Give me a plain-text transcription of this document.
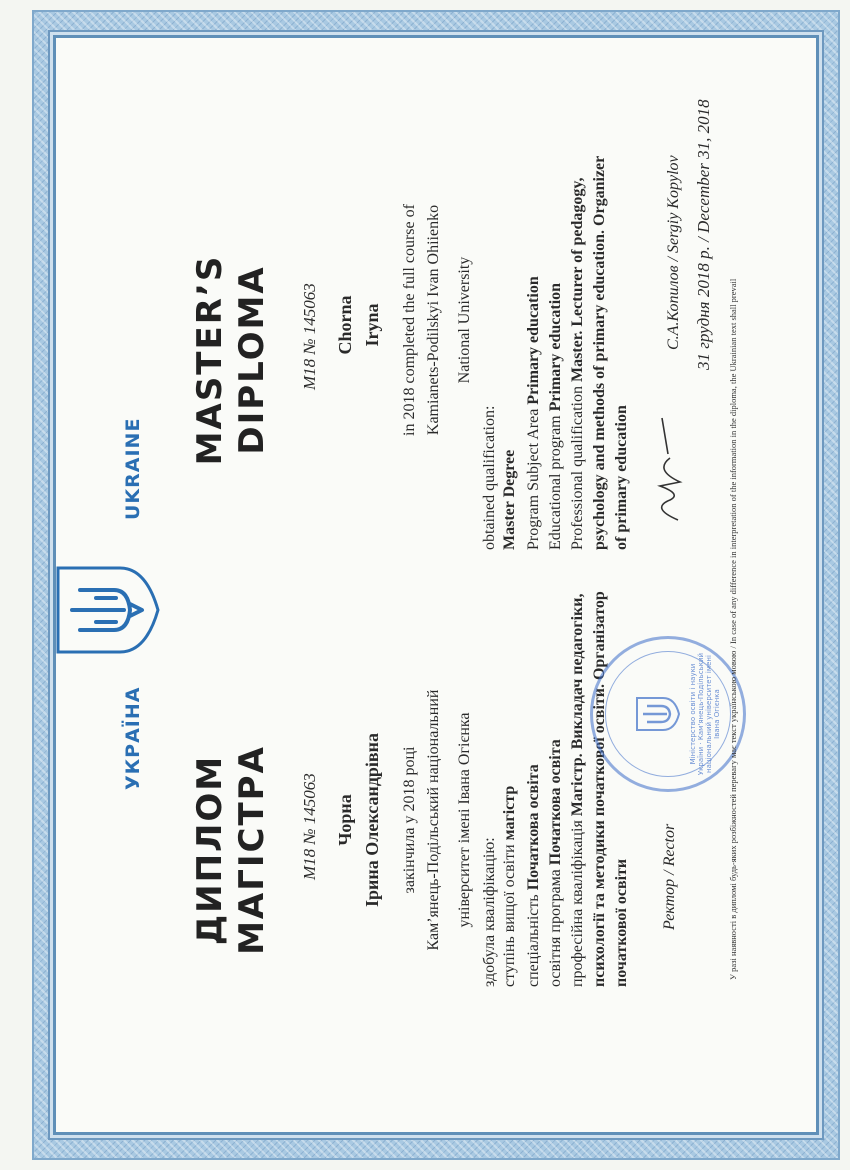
ДИПЛОМ МАГІСТРА
УКРАЇНА
M18 № 145063 Чорна Ірина Олександрівна закінчила у 2018 році Кам’янець-Подільський національний університет імені Івана Огієнка здобула кваліфікацію: ступінь вищої освіти магістр
спеціальність Початкова освіта
освітня програма Початкова освіта
професійна кваліфікація Магістр. Викладач педагогіки, психології та методики початкової освіти. Організатор початкової освіти Ректор / Rector
UKRAINE
MASTER’S DIPLOMA M18 № 145063 Chorna Iryna in 2018 completed the full course of Kamianets-Podilskyi Ivan Ohiienko National University
obtained qualification: Master Degree Program Subject Area Primary education
Educational program Primary education
Professional qualification Master. Lecturer of pedagogy, psychology and methods of primary education. Organizer of primary education
С.А.Копилов / Sergiy Kopylov 31 грудня 2018 р. / December 31, 2018
Міністерство освіти і науки України · Кам'янець-Подільський національний університет імені Івана Огієнка У разі наявності в дипломі будь-яких розбіжностей перевагу має текст українською мовою / In case of any difference in interpretation of the information in the diploma, the Ukrainian text shall prevail
